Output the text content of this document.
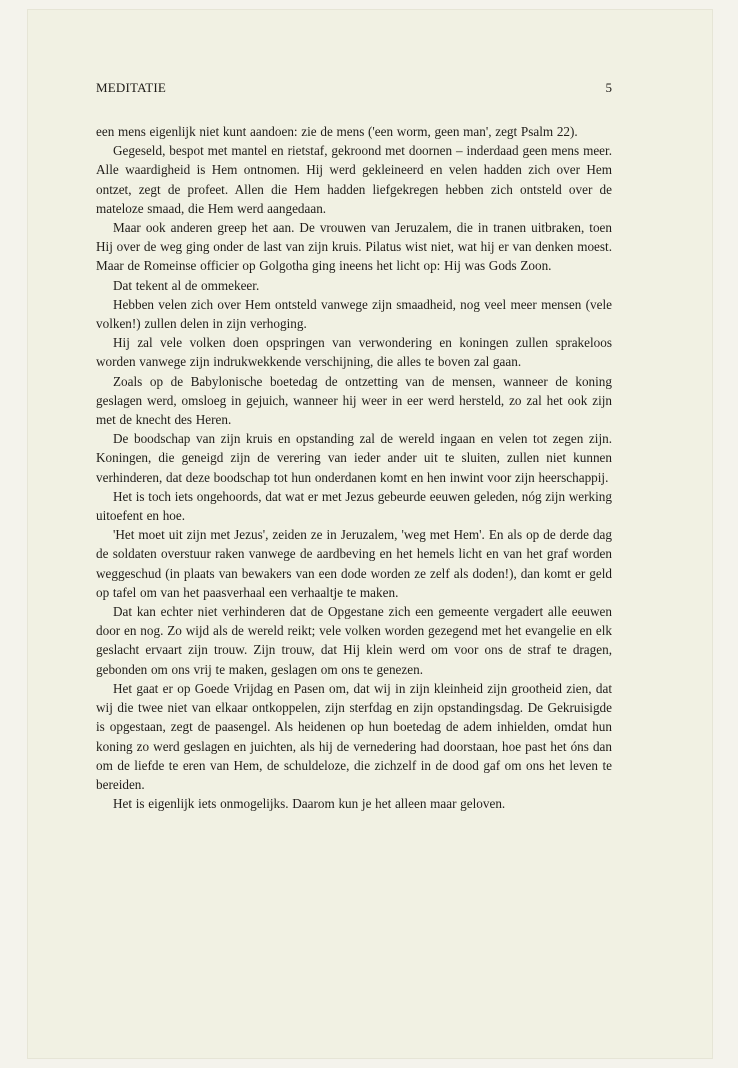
MEDITATIE	5

een mens eigenlijk niet kunt aandoen: zie de mens ('een worm, geen man', zegt Psalm 22).

Gegeseld, bespot met mantel en rietstaf, gekroond met doornen – inderdaad geen mens meer. Alle waardigheid is Hem ontnomen. Hij werd gekleineerd en velen hadden zich over Hem ontzet, zegt de profeet. Allen die Hem hadden liefgekregen hebben zich ontsteld over de mateloze smaad, die Hem werd aangedaan.

Maar ook anderen greep het aan. De vrouwen van Jeruzalem, die in tranen uitbraken, toen Hij over de weg ging onder de last van zijn kruis. Pilatus wist niet, wat hij er van denken moest. Maar de Romeinse officier op Golgotha ging ineens het licht op: Hij was Gods Zoon.

Dat tekent al de ommekeer.

Hebben velen zich over Hem ontsteld vanwege zijn smaadheid, nog veel meer mensen (vele volken!) zullen delen in zijn verhoging.

Hij zal vele volken doen opspringen van verwondering en koningen zullen sprakeloos worden vanwege zijn indrukwekkende verschijning, die alles te boven zal gaan.

Zoals op de Babylonische boetedag de ontzetting van de mensen, wanneer de koning geslagen werd, omsloeg in gejuich, wanneer hij weer in eer werd hersteld, zo zal het ook zijn met de knecht des Heren.

De boodschap van zijn kruis en opstanding zal de wereld ingaan en velen tot zegen zijn. Koningen, die geneigd zijn de verering van ieder ander uit te sluiten, zullen niet kunnen verhinderen, dat deze boodschap tot hun onderdanen komt en hen inwint voor zijn heerschappij.

Het is toch iets ongehoords, dat wat er met Jezus gebeurde eeuwen geleden, nóg zijn werking uitoefent en hoe.

'Het moet uit zijn met Jezus', zeiden ze in Jeruzalem, 'weg met Hem'. En als op de derde dag de soldaten overstuur raken vanwege de aardbeving en het hemels licht en van het graf worden weggeschud (in plaats van bewakers van een dode worden ze zelf als doden!), dan komt er geld op tafel om van het paasverhaal een verhaaltje te maken.

Dat kan echter niet verhinderen dat de Opgestane zich een gemeente vergadert alle eeuwen door en nog. Zo wijd als de wereld reikt; vele volken worden gezegend met het evangelie en elk geslacht ervaart zijn trouw. Zijn trouw, dat Hij klein werd om voor ons de straf te dragen, gebonden om ons vrij te maken, geslagen om ons te genezen.

Het gaat er op Goede Vrijdag en Pasen om, dat wij in zijn kleinheid zijn grootheid zien, dat wij die twee niet van elkaar ontkoppelen, zijn sterfdag en zijn opstandingsdag. De Gekruisigde is opgestaan, zegt de paasengel. Als heidenen op hun boetedag de adem inhielden, omdat hun koning zo werd geslagen en juichten, als hij de vernedering had doorstaan, hoe past het óns dan om de liefde te eren van Hem, de schuldeloze, die zichzelf in de dood gaf om ons het leven te bereiden.

Het is eigenlijk iets onmogelijks. Daarom kun je het alleen maar geloven.
